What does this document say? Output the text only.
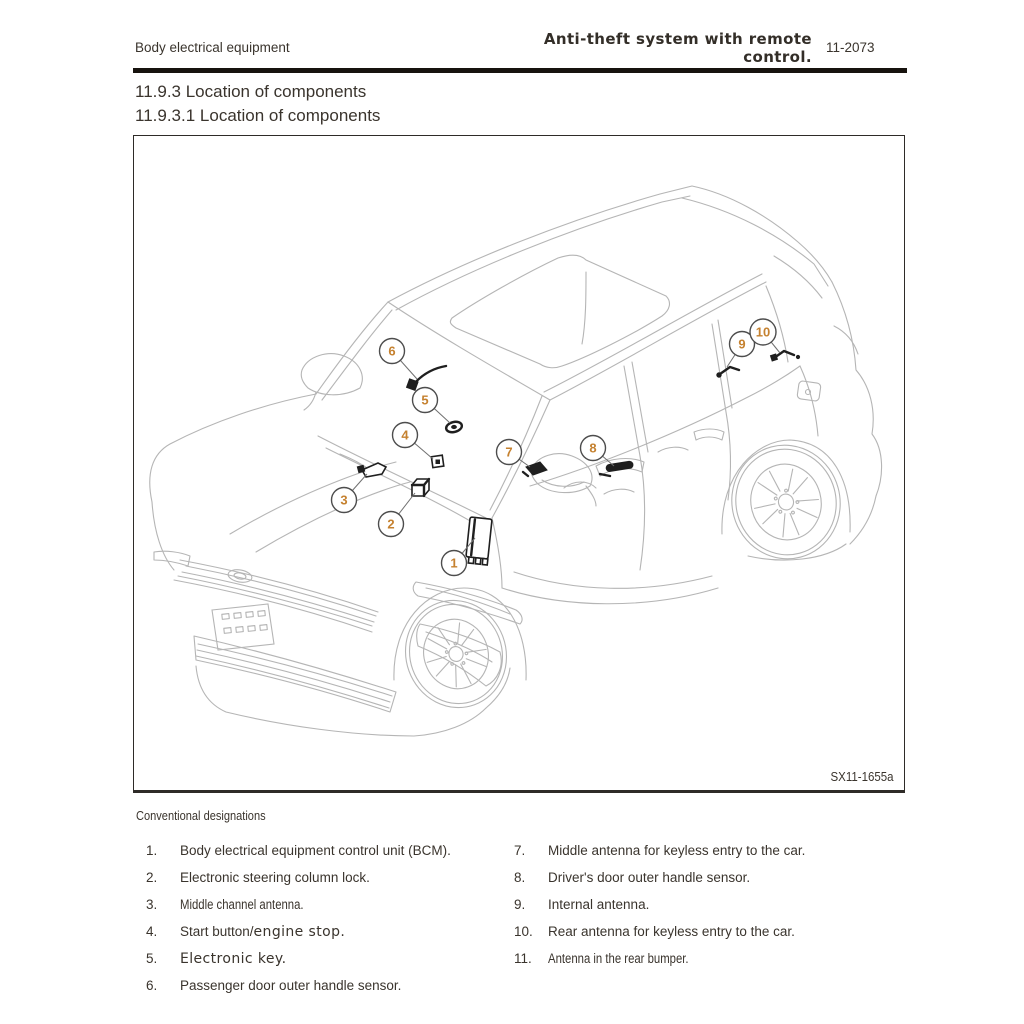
Body electrical equipment	Anti-theft system with remote
control.
11-2073
11.9.3 Location of components
11.9.3.1 Location of components
1
2
3
4
5
6
7	8
9
10
SX11-1655a
Conventional designations
1.	Body electrical equipment control unit (BCM).
2.	Electronic steering column lock.
3.	Middle channel antenna.
4.	Start button/engine stop.
5.	Electronic key.
6.	Passenger door outer handle sensor.
7.	Middle antenna for keyless entry to the car.
8.	Driver's door outer handle sensor.
9.	Internal antenna.
10.	Rear antenna for keyless entry to the car.
11.	Antenna in the rear bumper.
